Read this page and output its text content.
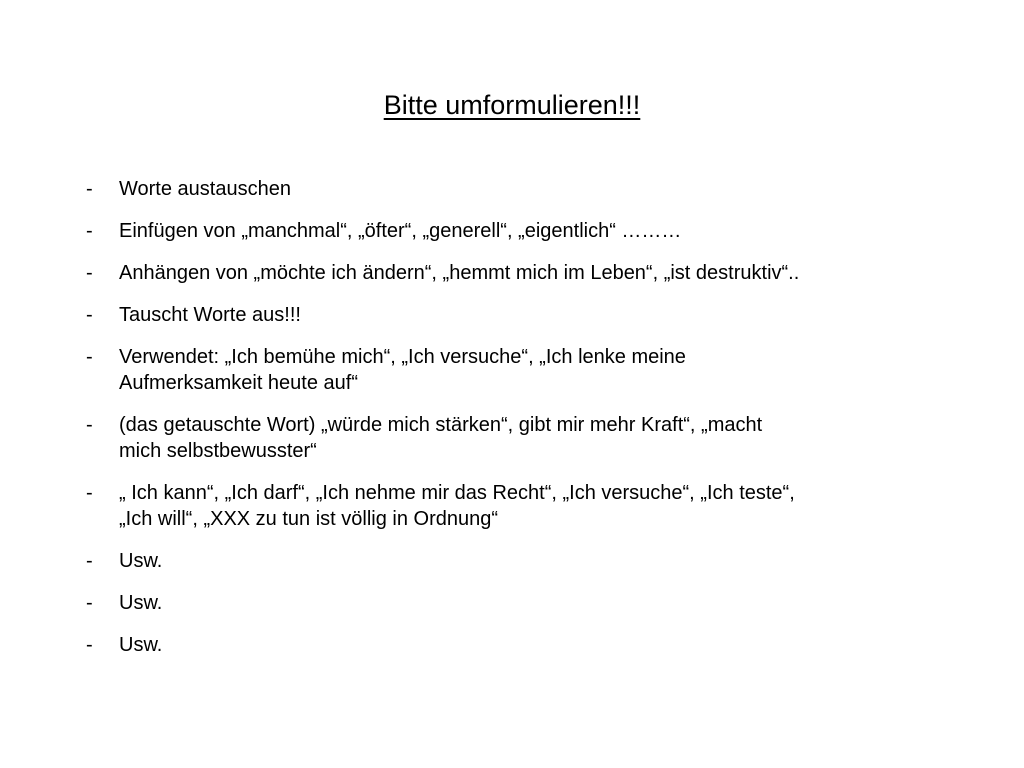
Bitte umformulieren!!!
- Worte austauschen
- Einfügen von „manchmal“, „öfter“, „generell“, „eigentlich“ ………
- Anhängen von „möchte ich ändern“, „hemmt mich im Leben“, „ist destruktiv“..
- Tauscht Worte aus!!!
- Verwendet: „Ich bemühe mich“, „Ich versuche“, „Ich lenke meine
Aufmerksamkeit heute auf“
- (das getauschte Wort) „würde mich stärken“, gibt mir mehr Kraft“, „macht
mich selbstbewusster“
- „ Ich kann“, „Ich darf“, „Ich nehme mir das Recht“, „Ich versuche“, „Ich teste“,
„Ich will“, „XXX zu tun ist völlig in Ordnung“
- Usw.
- Usw.
- Usw.
